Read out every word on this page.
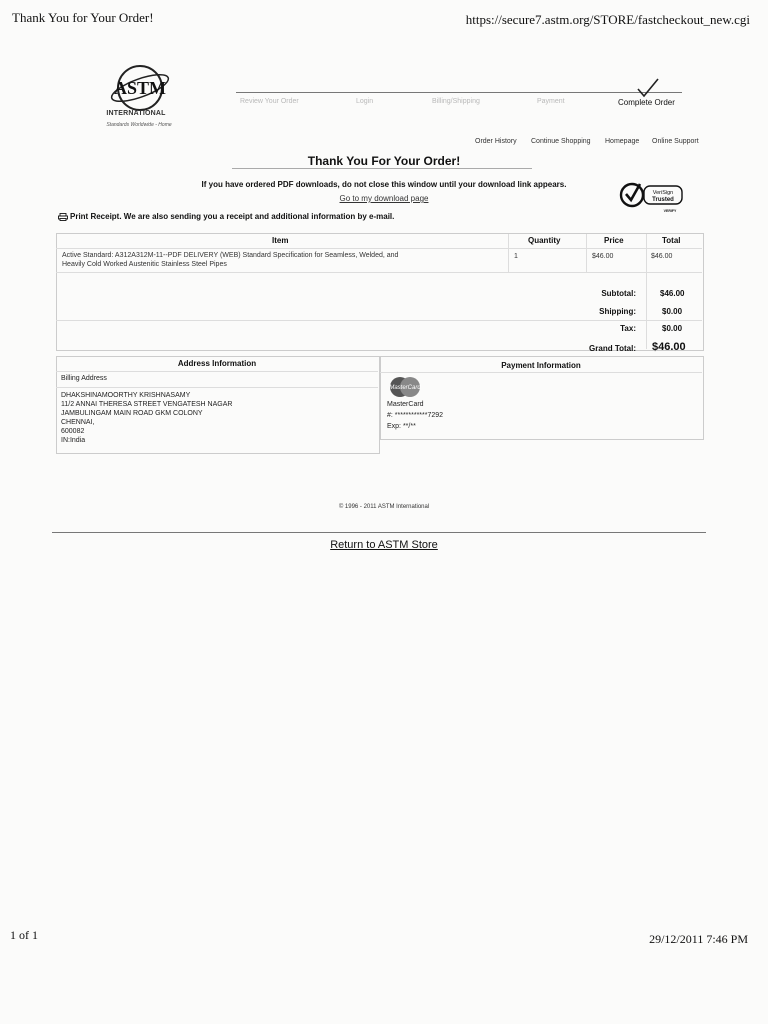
Thank You for Your Order!	https://secure7.astm.org/STORE/fastcheckout_new.cgi
1 of 1	29/12/2011 7:46 PM
ASTM
INTERNATIONAL
Standards Worldwide - Home
Review Your Order	Login	Billing/Shipping	Payment	Complete Order
Order History Continue Shopping Homepage Online Support
Thank You For Your Order!
If you have ordered PDF downloads, do not close this window until your download link appears.
Go to my download page
VeriSign
Trusted
VERIFY
Print Receipt. We are also sending you a receipt and additional information by e-mail.
Item	Quantity	Price	Total
Active Standard: A312A312M-11--PDF DELIVERY (WEB) Standard Specification for Seamless, Welded, and
Heavily Cold Worked Austenitic Stainless Steel Pipes
1	$46.00	$46.00
Subtotal:	$46.00
Shipping:	$0.00
Tax:	$0.00
Grand Total: $46.00
Address Information
Billing Address
DHAKSHINAMOORTHY KRISHNASAMY
11/2 ANNAI THERESA STREET VENGATESH NAGAR
JAMBULINGAM MAIN ROAD GKM COLONY
CHENNAI,
600082
IN:India
Payment Information
MasterCard
MasterCard
#: ************7292
Exp: **/**
© 1996 - 2011 ASTM International
Return to ASTM Store
